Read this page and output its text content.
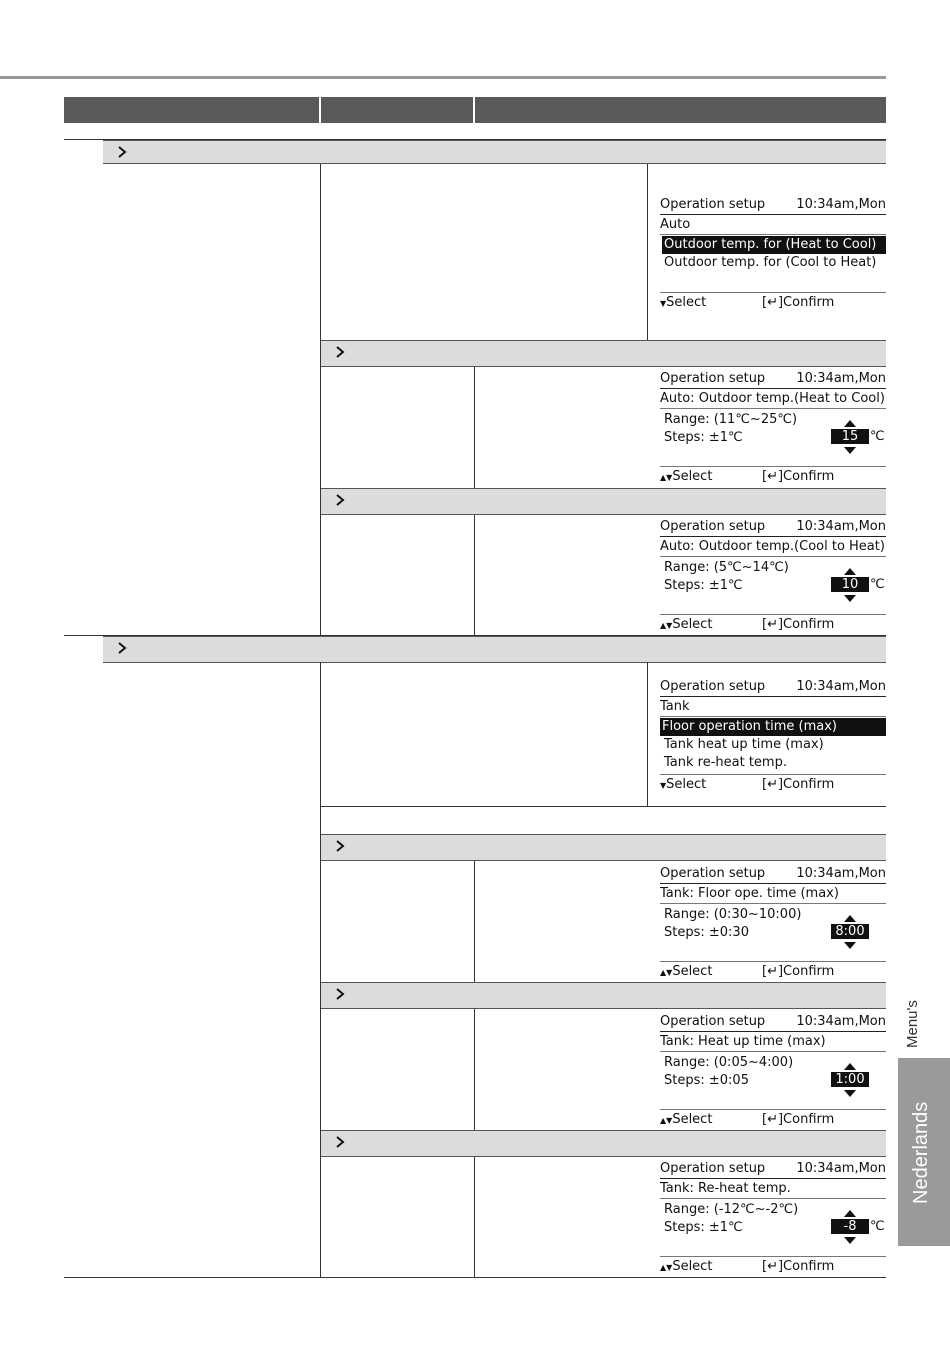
Operation setup 10:34am,Mon
Auto
Outdoor temp. for (Heat to Cool)
Outdoor temp. for (Cool to Heat)
▼Select	[↵]Confirm
Operation setup 10:34am,Mon
Auto: Outdoor temp.(Heat to Cool)
Range: (11℃~25℃)
Steps: ±1℃	15 ℃
▲▼Select	[↵]Confirm
Operation setup 10:34am,Mon
Auto: Outdoor temp.(Cool to Heat)
Range: (5℃~14℃)
Steps: ±1℃	10 ℃
▲▼Select	[↵]Confirm
Operation setup 10:34am,Mon
Tank
Floor operation time (max)
Tank heat up time (max)
Tank re-heat temp.
▼Select	[↵]Confirm
Operation setup 10:34am,Mon
Tank: Floor ope. time (max)
Range: (0:30~10:00)
Steps: ±0:30	8:00
▲▼Select	[↵]Confirm
Operation setup 10:34am,Mon
Tank: Heat up time (max)
Range: (0:05~4:00)
Steps: ±0:05	1:00
▲▼Select	[↵]Confirm
Operation setup 10:34am,Mon
Tank: Re-heat temp.
Range: (-12℃~-2℃)
Steps: ±1℃	-8	℃
▲▼Select	[↵]Confirm
Menu's
Nederlands
